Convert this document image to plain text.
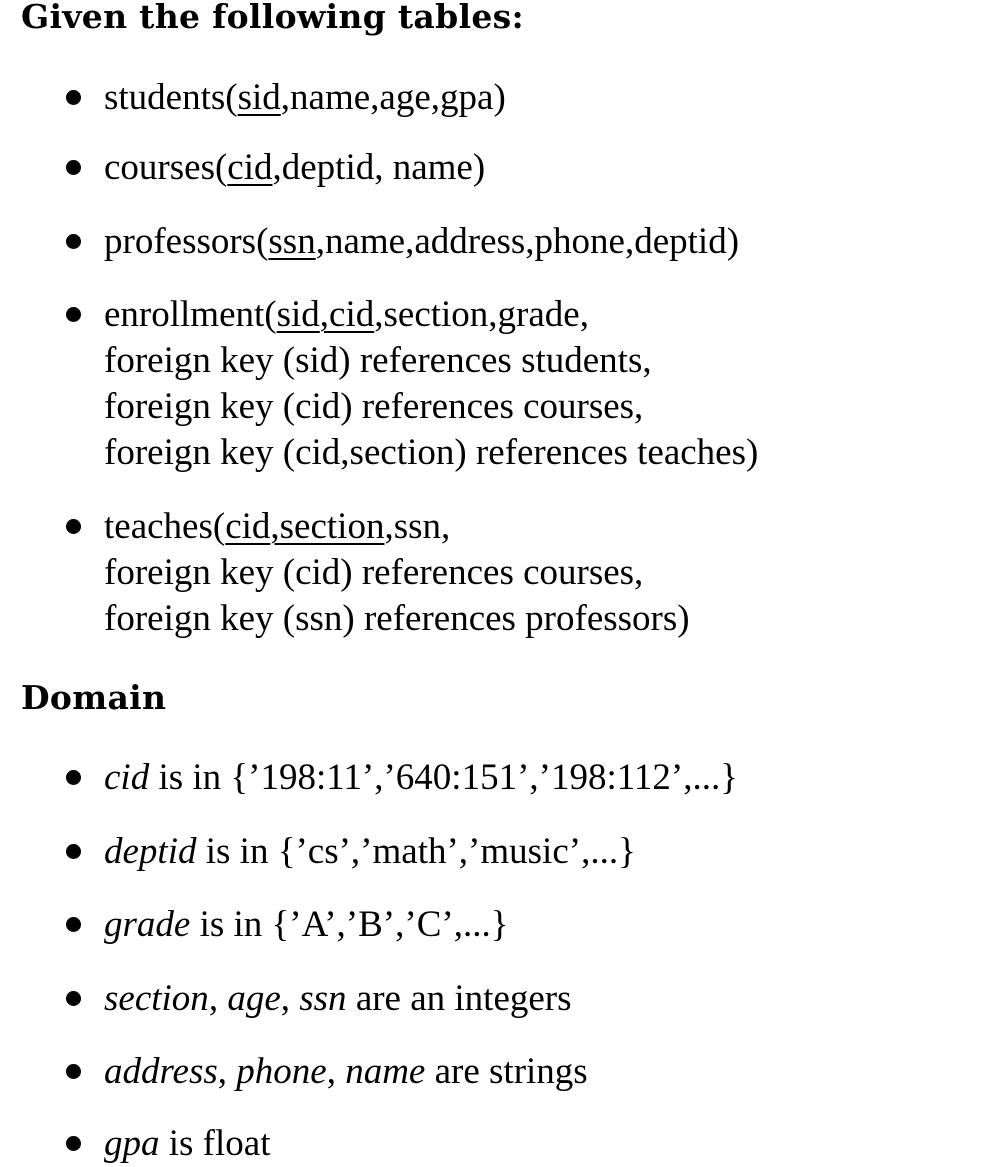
Given the following tables:
students(sid,name,age,gpa)
courses(cid,deptid, name)
professors(ssn,name,address,phone,deptid)
enrollment(sid,cid,section,grade,
foreign key (sid) references students,
foreign key (cid) references courses,
foreign key (cid,section) references teaches)
teaches(cid,section,ssn,
foreign key (cid) references courses,
foreign key (ssn) references professors)
Domain
cid is in {’198:11’,’640:151’,’198:112’,...}
deptid is in {’cs’,’math’,’music’,...}
grade is in {’A’,’B’,’C’,...}
section, age, ssn are an integers
address, phone, name are strings
gpa is float
